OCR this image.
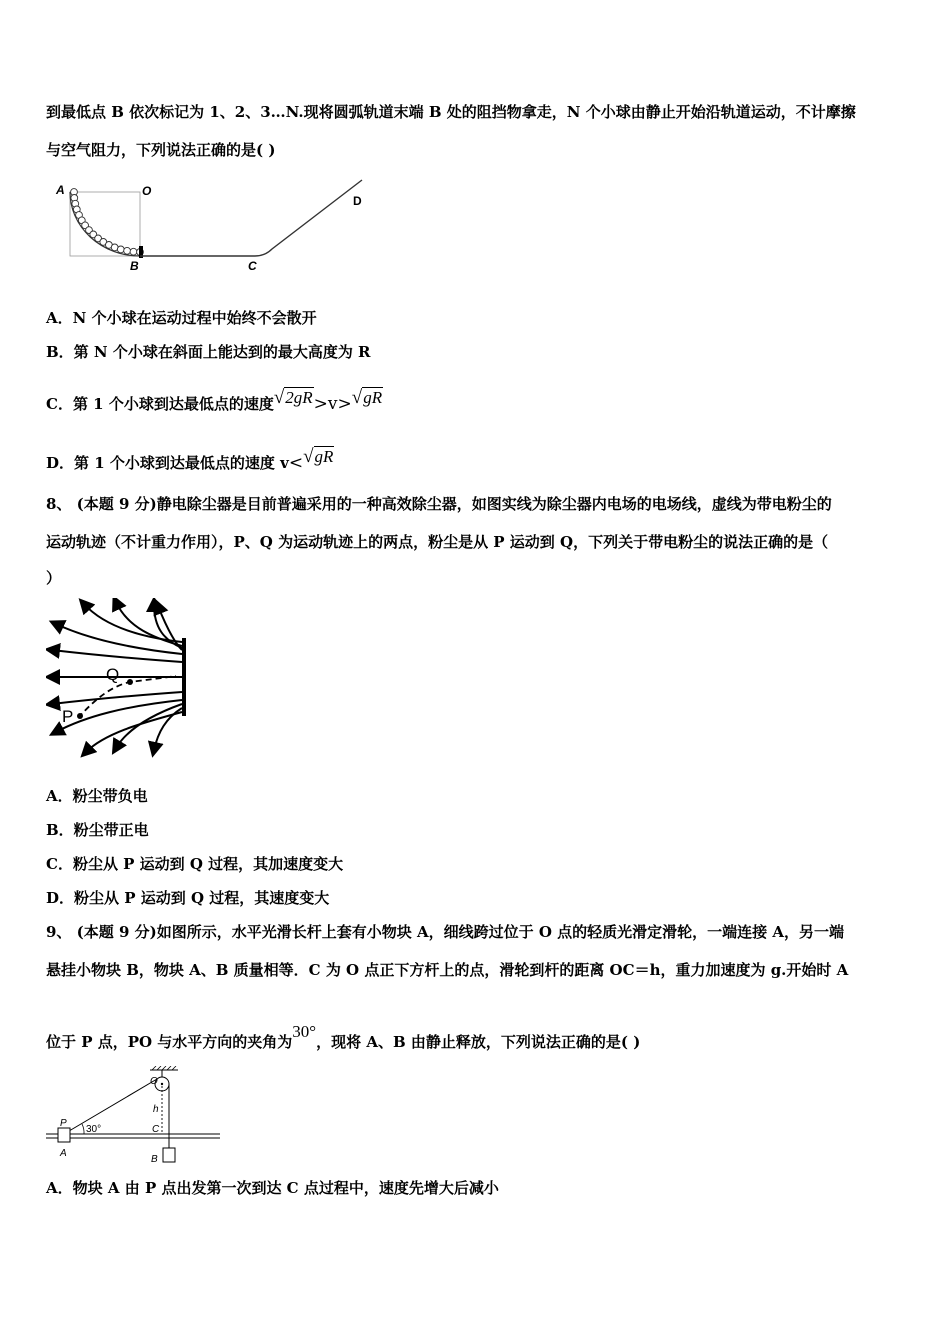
到最低点 B 依次标记为 1、2、3…N.现将圆弧轨道末端 B 处的阻挡物拿走，N 个小球由静止开始沿轨道运动，不计摩擦
与空气阻力，下列说法正确的是( )
A	O
B	C
D
A．N 个小球在运动过程中始终不会散开
B．第 N 个小球在斜面上能达到的最大高度为 R
C．第 1 个小球到达最低点的速度√2gR>v>√gR
D．第 1 个小球到达最低点的速度 v<√gR
8、 (本题 9 分)静电除尘器是目前普遍采用的一种高效除尘器，如图实线为除尘器内电场的电场线，虚线为带电粉尘的
运动轨迹（不计重力作用），P、Q 为运动轨迹上的两点，粉尘是从 P 运动到 Q，下列关于带电粉尘的说法正确的是（
）
P
Q
A．粉尘带负电
B．粉尘带正电
C．粉尘从 P 运动到 Q 过程，其加速度变大
D．粉尘从 P 运动到 Q 过程，其速度变大
9、 (本题 9 分)如图所示，水平光滑长杆上套有小物块 A，细线跨过位于 O 点的轻质光滑定滑轮，一端连接 A，另一端
悬挂小物块 B，物块 A、B 质量相等．C 为 O 点正下方杆上的点，滑轮到杆的距离 OC＝h，重力加速度为 g.开始时 A
位于 P 点，PO 与水平方向的夹角为30°，现将 A、B 由静止释放，下列说法正确的是( )
O
P
h
C
A
B
30°
A．物块 A 由 P 点出发第一次到达 C 点过程中，速度先增大后减小
